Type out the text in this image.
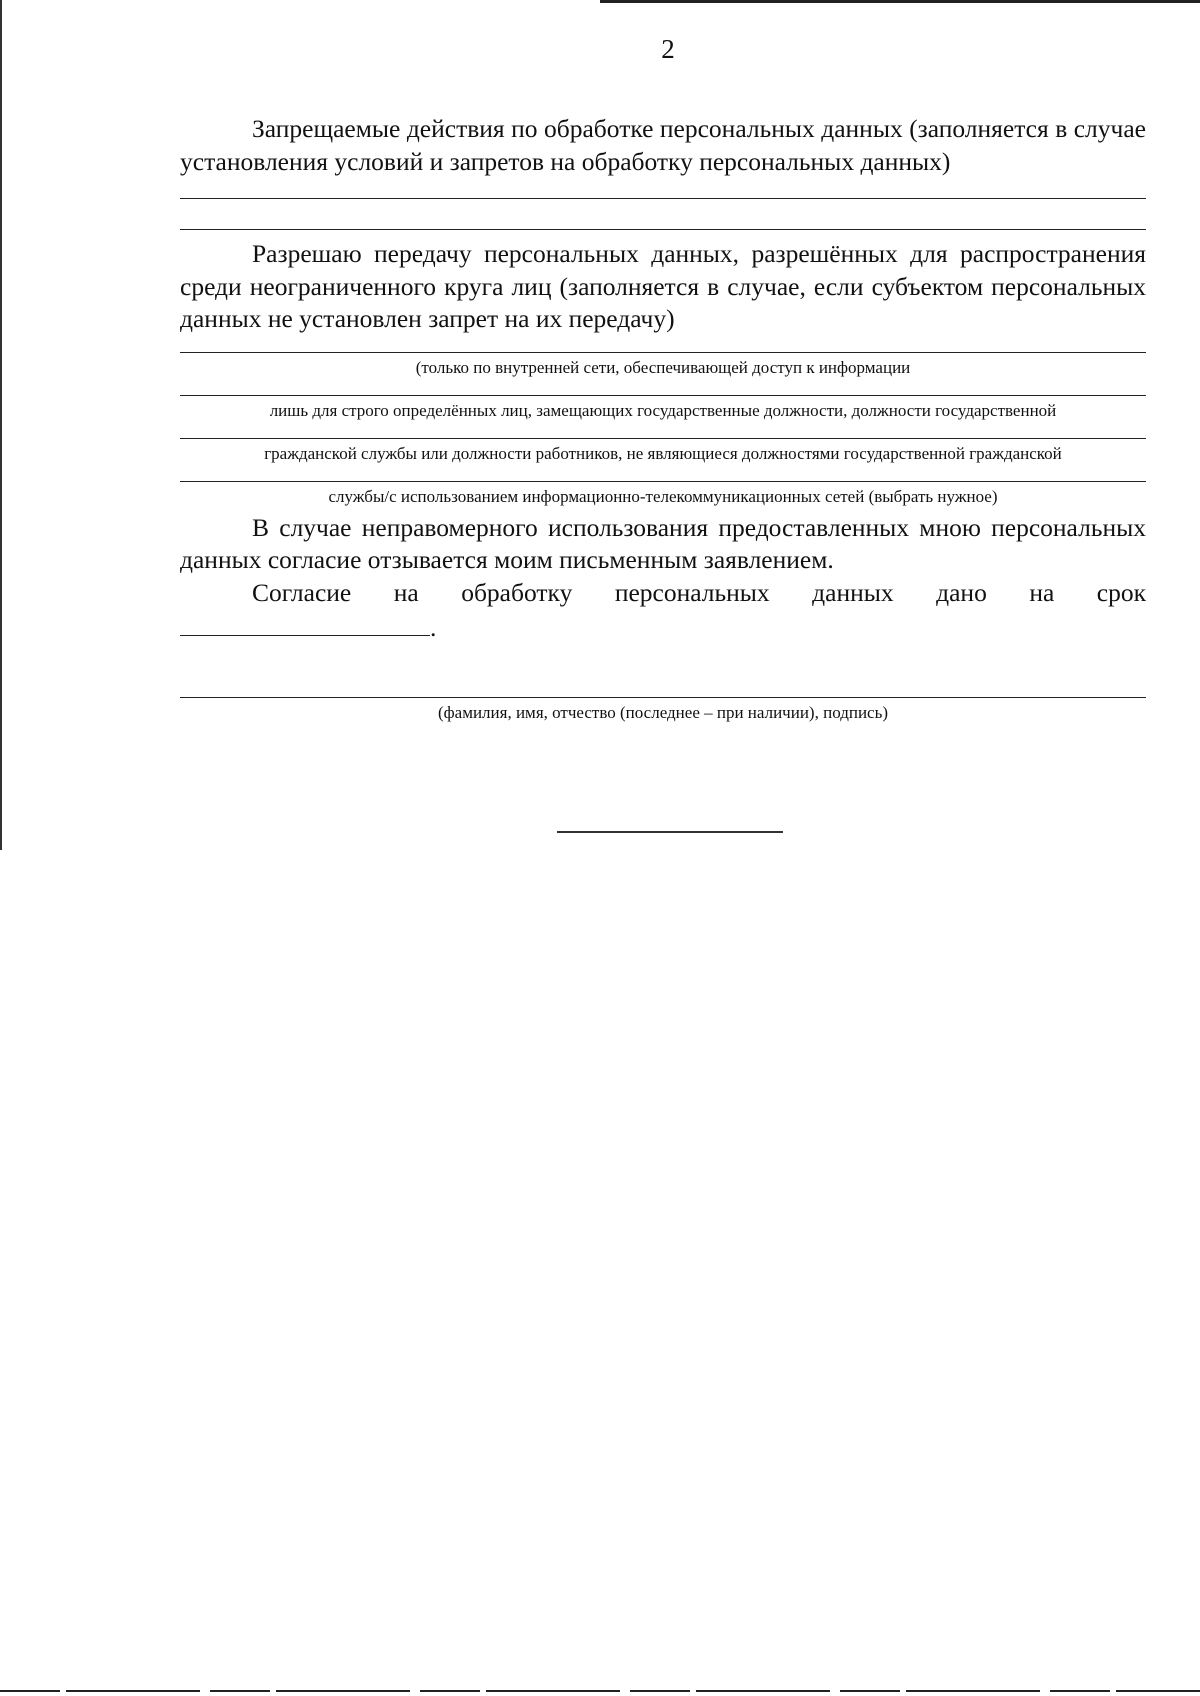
2

Запрещаемые действия по обработке персональных данных (заполняется в случае установления условий и запретов на обработку персональных данных)

Разрешаю передачу персональных данных, разрешённых для распространения среди неограниченного круга лиц (заполняется в случае, если субъектом персональных данных не установлен запрет на их передачу)

(только по внутренней сети, обеспечивающей доступ к информации

лишь для строго определённых лиц, замещающих государственные должности, должности государственной

гражданской службы или должности работников, не являющиеся должностями государственной гражданской

службы/с использованием информационно-телекоммуникационных сетей (выбрать нужное)

В случае неправомерного использования предоставленных мною персональных данных согласие отзывается моим письменным заявлением.

Согласие на обработку персональных данных дано на срок

.

(фамилия, имя, отчество (последнее – при наличии), подпись)
